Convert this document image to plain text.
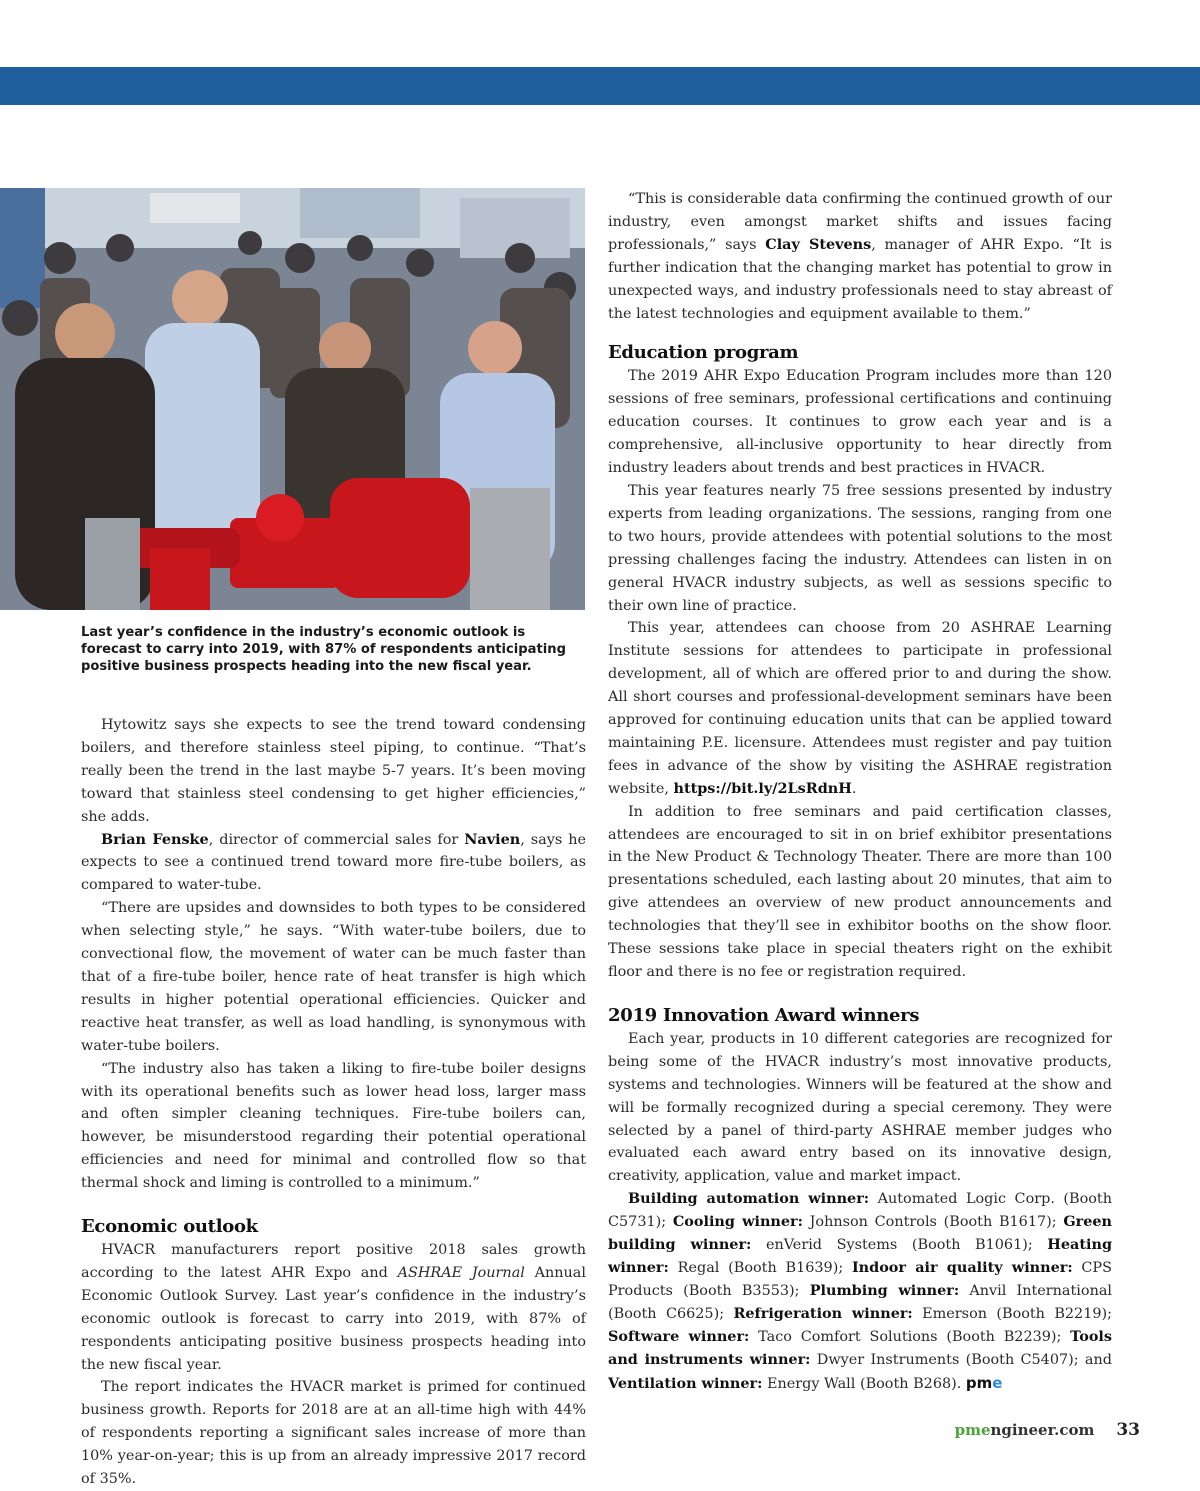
Last year’s confidence in the industry’s economic outlook is forecast to carry into 2019, with 87% of respondents anticipating positive business prospects heading into the new fiscal year.

Hytowitz says she expects to see the trend toward condensing boilers, and therefore stainless steel piping, to continue. “That’s really been the trend in the last maybe 5-7 years. It’s been moving toward that stainless steel condensing to get higher efficiencies,” she adds.

Brian Fenske, director of commercial sales for Navien, says he expects to see a continued trend toward more fire-tube boilers, as compared to water-tube.

“There are upsides and downsides to both types to be considered when selecting style,” he says. “With water-tube boilers, due to convectional flow, the movement of water can be much faster than that of a fire-tube boiler, hence rate of heat transfer is high which results in higher potential operational efficiencies. Quicker and reactive heat transfer, as well as load handling, is synonymous with water-tube boilers.

“The industry also has taken a liking to fire-tube boiler designs with its operational benefits such as lower head loss, larger mass and often simpler cleaning techniques. Fire-tube boilers can, however, be misunderstood regarding their potential operational efficiencies and need for minimal and controlled flow so that thermal shock and liming is controlled to a minimum.”

Economic outlook

HVACR manufacturers report positive 2018 sales growth according to the latest AHR Expo and ASHRAE Journal Annual Economic Outlook Survey. Last year’s confidence in the industry’s economic outlook is forecast to carry into 2019, with 87% of respondents anticipating positive business prospects heading into the new fiscal year.

The report indicates the HVACR market is primed for continued business growth. Reports for 2018 are at an all-time high with 44% of respondents reporting a significant sales increase of more than 10% year-on-year; this is up from an already impressive 2017 record of 35%.

“This is considerable data confirming the continued growth of our industry, even amongst market shifts and issues facing professionals,” says Clay Stevens, manager of AHR Expo. “It is further indication that the changing market has potential to grow in unexpected ways, and industry professionals need to stay abreast of the latest technologies and equipment available to them.”

Education program

The 2019 AHR Expo Education Program includes more than 120 sessions of free seminars, professional certifications and continuing education courses. It continues to grow each year and is a comprehensive, all-inclusive opportunity to hear directly from industry leaders about trends and best practices in HVACR.

This year features nearly 75 free sessions presented by industry experts from leading organizations. The sessions, ranging from one to two hours, provide attendees with potential solutions to the most pressing challenges facing the industry. Attendees can listen in on general HVACR industry subjects, as well as sessions specific to their own line of practice.

This year, attendees can choose from 20 ASHRAE Learning Institute sessions for attendees to participate in professional development, all of which are offered prior to and during the show. All short courses and professional-development seminars have been approved for continuing education units that can be applied toward maintaining P.E. licensure. Attendees must register and pay tuition fees in advance of the show by visiting the ASHRAE registration website, https://bit.ly/2LsRdnH.

In addition to free seminars and paid certification classes, attendees are encouraged to sit in on brief exhibitor presentations in the New Product & Technology Theater. There are more than 100 presentations scheduled, each lasting about 20 minutes, that aim to give attendees an overview of new product announcements and technologies that they’ll see in exhibitor booths on the show floor. These sessions take place in special theaters right on the exhibit floor and there is no fee or registration required.

2019 Innovation Award winners

Each year, products in 10 different categories are recognized for being some of the HVACR industry’s most innovative products, systems and technologies. Winners will be featured at the show and will be formally recognized during a special ceremony. They were selected by a panel of third-party ASHRAE member judges who evaluated each award entry based on its innovative design, creativity, application, value and market impact.

Building automation winner: Automated Logic Corp. (Booth C5731); Cooling winner: Johnson Controls (Booth B1617); Green building winner: enVerid Systems (Booth B1061); Heating winner: Regal (Booth B1639); Indoor air quality winner: CPS Products (Booth B3553); Plumbing winner: Anvil International (Booth C6625); Refrigeration winner: Emerson (Booth B2219); Software winner: Taco Comfort Solutions (Booth B2239); Tools and instruments winner: Dwyer Instruments (Booth C5407); and Ventilation winner: Energy Wall (Booth B268). pme

pmengineer.com 33
